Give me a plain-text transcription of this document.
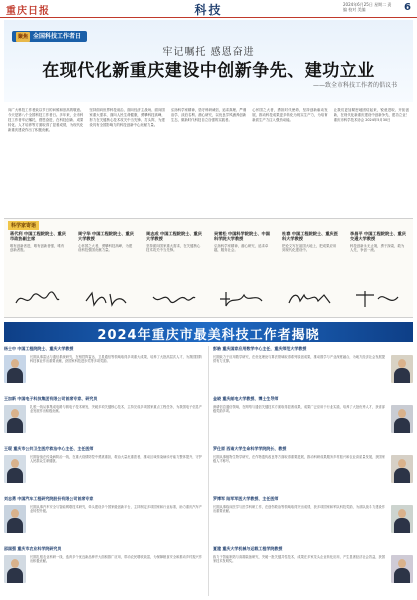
重庆日报	科技	2024年6月25日 星期二 责编 校对 美编	6
聚焦 全国科技工作者日
牢记嘱托 感恩奋进
在现代化新重庆建设中创新争先、建功立业
——致全市科技工作者的倡议书
向广大科技工作者致以节日的问候和崇高的敬意。今天是第八个全国科技工作者日。多年来，全市科技工作者牢记嘱托，感恩奋进，在科技创新、成果转化、人才培养等方面取得了显著成绩，为现代化新重庆建设作出了积极贡献。
坚持面向世界科技前沿、面向经济主战场、面向国家重大需求、面向人民生命健康，勇攀科技高峰，努力在关键核心技术攻关中当先锋、打头阵，为建设具有全国影响力的科技创新中心贡献力量。
弘扬科学家精神，恪守科研诚信，追求真理、严谨治学、淡泊名利、潜心研究，以优良学风涵养创新生态，做新时代科技自立自强的实践者。
心怀国之大者，勇担时代使命，坚持创新驱动发展，推动科技成果更多转化为现实生产力，为培育新质生产力注入强劲动能。
让我们更加紧密地团结起来，锐意进取、开拓创新，在现代化新重庆建设中创新争先、建功立业！重庆市科学技术协会 2024年5月30日
科学家寄语
蒋代利 中国工程院院士、重庆市政协副主席
唯有创新者进，唯有创新者强，唯有创新者胜。
周宁华 中国工程院院士、重庆大学教授
心怀国之大者，勇攀科技高峰，为建设科技强国贡献力量。
周志成 中国工程院院士、重庆大学教授
坚持面向国家重大需求，在关键核心技术攻关中当先锋。
吴雪松 中国科学院院士、中国科学院大学教授
弘扬科学家精神，潜心研究，追求卓越，服务社会。
杜春 中国工程院院士、重庆医科大学教授
把论文写在祖国大地上，把成果应用到现代化建设中。
李昌平 中国工程院院士、重庆交通大学教授
科技创新永无止境，勇于探索，敢为人先，争创一流。
2024年重庆市最美科技工作者揭晓
杨士中 中国工程院院士、重庆大学教授
长期从事雷达与通信系统研究，在相控阵雷达、卫星通信等领域取得多项重大成果，培养了大批高层次人才，为我国国防科技事业作出重要贡献，获国家科技进步奖等多项奖励。
彭皓 重庆国家应用数学中心主任，重庆师范大学教授
长期致力于应用数学研究，在优化理论与算法领域取得系列原创成果，推动数学与产业深度融合，为地方经济社会发展提供有力支撑。
王加新 中国电子科技集团有限公司首席专家、研究员
扎根一线从事集成电路与微电子技术研发，突破多项关键核心技术，主持完成多项国家重点工程任务，为我国电子信息产业发展作出积极贡献。
金晓 重庆邮电大学教授、博士生导师
深耕信息通信领域，在网络与通信关键技术方面取得显著成果，成果广泛应用于行业实践，培养了大批优秀人才，获省部级奖励多项。
王琨 重庆市公共卫生医疗救治中心主任、主任医师
长期奋战在传染病防治一线，在重大疫情防控中勇挑重担，救治大量危重患者，推动区域传染病诊疗能力整体提升，守护人民群众生命健康。
罗仕原 西南大学生命科学学院院长、教授
长期从事植物生物学研究，在作物遗传改良等方面取得重要进展，推动科研成果服务乡村振兴和农业高质量发展，获国家级人才称号。
刘志勇 中国汽车工程研究院股份有限公司首席专家
长期从事汽车安全与智能网联技术研究，牵头建设多个国家级创新平台，主持制定多项国家和行业标准，助力重庆汽车产业转型升级。
罗博军 陆军军医大学教授、主任医师
长期从事临床医学与医学科研工作，在创伤救治等领域取得突出成绩，获多项国家和军队科技奖励，为部队战斗力建设作出重要贡献。
邵国强 重庆市农业科学院研究员
长期扎根农业科研一线，选育多个优良新品种并大面积推广应用，带动农民增收致富，为保障粮食安全和推动乡村振兴作出积极贡献。
夏建 重庆大学机械与运载工程学院教授
致力于智能制造与高端装备研究，突破一批关键共性技术，成果在多家龙头企业转化应用，产生显著经济社会效益，获国家技术发明奖。
